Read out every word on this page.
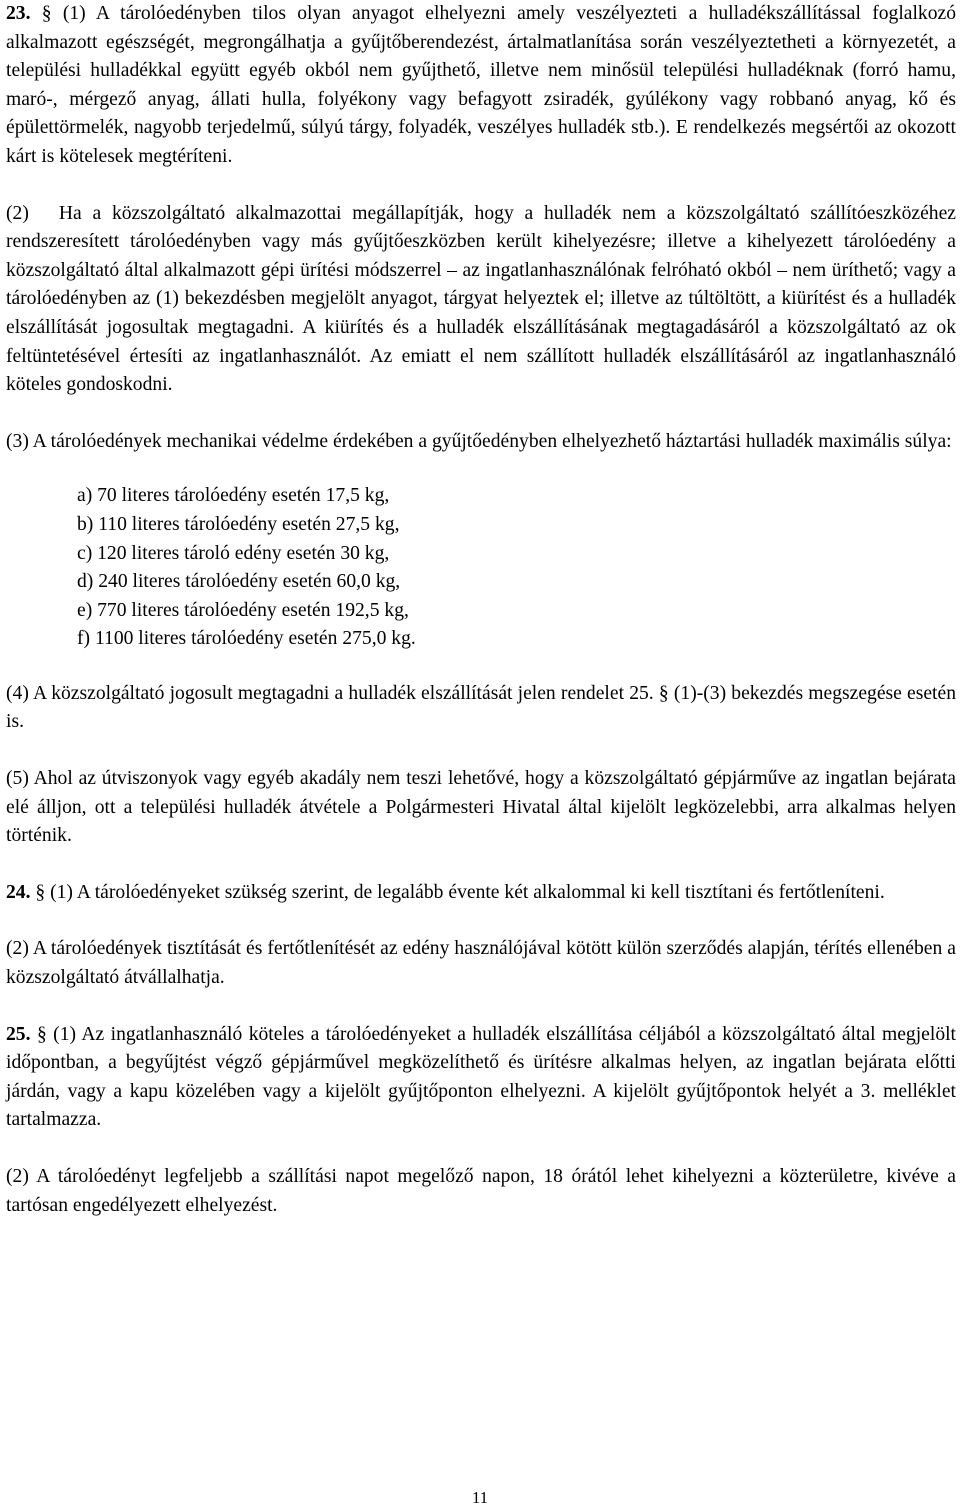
23. § (1) A tárolóedényben tilos olyan anyagot elhelyezni amely veszélyezteti a hulladékszállítással foglalkozó alkalmazott egészségét, megrongálhatja a gyűjtőberendezést, ártalmatlanítása során veszélyeztetheti a környezetét, a települési hulladékkal együtt egyéb okból nem gyűjthető, illetve nem minősül települési hulladéknak (forró hamu, maró-, mérgező anyag, állati hulla, folyékony vagy befagyott zsiradék, gyúlékony vagy robbanó anyag, kő és épülettörmelék, nagyobb terjedelmű, súlyú tárgy, folyadék, veszélyes hulladék stb.). E rendelkezés megsértői az okozott kárt is kötelesek megtéríteni.

(2) Ha a közszolgáltató alkalmazottai megállapítják, hogy a hulladék nem a közszolgáltató szállítóeszközéhez rendszeresített tárolóedényben vagy más gyűjtőeszközben került kihelyezésre; illetve a kihelyezett tárolóedény a közszolgáltató által alkalmazott gépi ürítési módszerrel – az ingatlanhasználónak felróható okból – nem üríthető; vagy a tárolóedényben az (1) bekezdésben megjelölt anyagot, tárgyat helyeztek el; illetve az túltöltött, a kiürítést és a hulladék elszállítását jogosultak megtagadni. A kiürítés és a hulladék elszállításának megtagadásáról a közszolgáltató az ok feltüntetésével értesíti az ingatlanhasználót. Az emiatt el nem szállított hulladék elszállításáról az ingatlanhasználó köteles gondoskodni.

(3) A tárolóedények mechanikai védelme érdekében a gyűjtőedényben elhelyezhető háztartási hulladék maximális súlya:

a) 70 literes tárolóedény esetén 17,5 kg,
b) 110 literes tárolóedény esetén 27,5 kg,
c) 120 literes tároló edény esetén 30 kg,
d) 240 literes tárolóedény esetén 60,0 kg,
e) 770 literes tárolóedény esetén 192,5 kg,
f) 1100 literes tárolóedény esetén 275,0 kg.

(4) A közszolgáltató jogosult megtagadni a hulladék elszállítását jelen rendelet 25. § (1)-(3) bekezdés megszegése esetén is.

(5) Ahol az útviszonyok vagy egyéb akadály nem teszi lehetővé, hogy a közszolgáltató gépjárműve az ingatlan bejárata elé álljon, ott a települési hulladék átvétele a Polgármesteri Hivatal által kijelölt legközelebbi, arra alkalmas helyen történik.

24. § (1) A tárolóedényeket szükség szerint, de legalább évente két alkalommal ki kell tisztítani és fertőtleníteni.

(2) A tárolóedények tisztítását és fertőtlenítését az edény használójával kötött külön szerződés alapján, térítés ellenében a közszolgáltató átvállalhatja.

25. § (1) Az ingatlanhasználó köteles a tárolóedényeket a hulladék elszállítása céljából a közszolgáltató által megjelölt időpontban, a begyűjtést végző gépjárművel megközelíthető és ürítésre alkalmas helyen, az ingatlan bejárata előtti járdán, vagy a kapu közelében vagy a kijelölt gyűjtőponton elhelyezni. A kijelölt gyűjtőpontok helyét a 3. melléklet tartalmazza.

(2) A tárolóedényt legfeljebb a szállítási napot megelőző napon, 18 órától lehet kihelyezni a közterületre, kivéve a tartósan engedélyezett elhelyezést.

11
